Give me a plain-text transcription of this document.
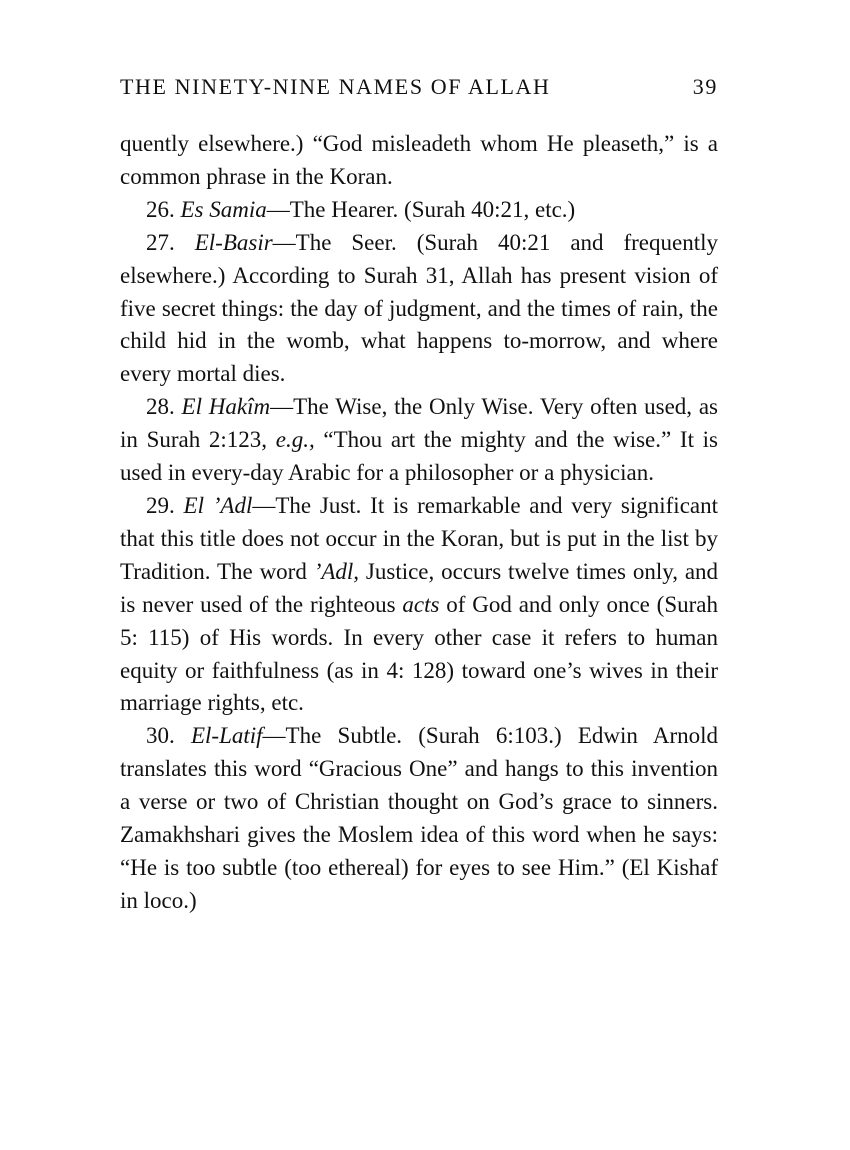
THE NINETY-NINE NAMES OF ALLAH	39

quently elsewhere.) “God misleadeth whom He pleaseth,” is a common phrase in the Koran.

26. Es Samia—The Hearer. (Surah 40:21, etc.)

27. El-Basir—The Seer. (Surah 40:21 and frequently elsewhere.) According to Surah 31, Allah has present vision of five secret things: the day of judgment, and the times of rain, the child hid in the womb, what happens to-morrow, and where every mortal dies.

28. El Hakîm—The Wise, the Only Wise. Very often used, as in Surah 2:123, e.g., “Thou art the mighty and the wise.” It is used in every-day Arabic for a philosopher or a physician.

29. El ’Adl—The Just. It is remarkable and very significant that this title does not occur in the Koran, but is put in the list by Tradition. The word ’Adl, Justice, occurs twelve times only, and is never used of the righteous acts of God and only once (Surah 5: 115) of His words. In every other case it refers to human equity or faithfulness (as in 4: 128) toward one’s wives in their marriage rights, etc.

30. El-Latif—The Subtle. (Surah 6:103.) Edwin Arnold translates this word “Gracious One” and hangs to this invention a verse or two of Christian thought on God’s grace to sinners. Zamakhshari gives the Moslem idea of this word when he says: “He is too subtle (too ethereal) for eyes to see Him.” (El Kishaf in loco.)
